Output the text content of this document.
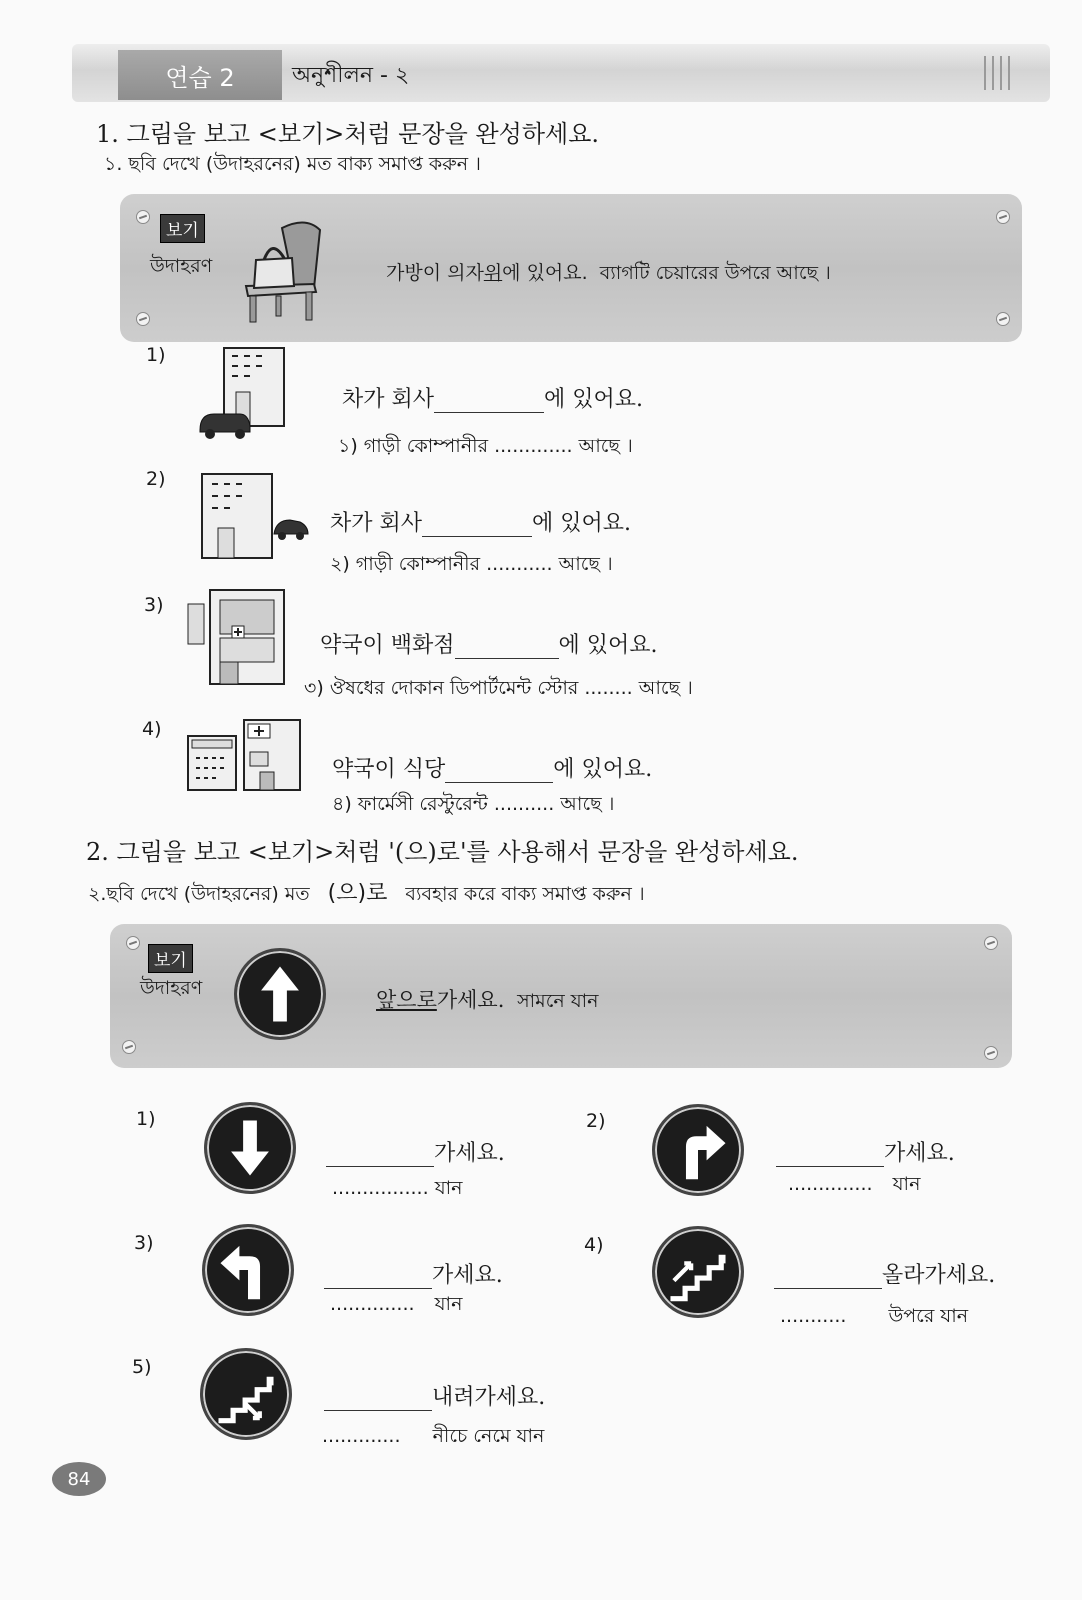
연습 2	অনুশীলন - ২
1. 그림을 보고 <보기>처럼 문장을 완성하세요.
১. ছবি দেখে (উদাহরনের) মত বাক্য সমাপ্ত করুন ।
보기
উদাহরণ	가방이 의자위에 있어요. ব্যাগটি চেয়ারের উপরে আছে ।
1)
차가 회사	에 있어요.
১) গাড়ী কোম্পানীর ............. আছে ।
2)
차가 회사	에 있어요.
২) গাড়ী কোম্পানীর ........... আছে ।
3)
약국이 백화점	에 있어요.
৩) ঔষধের দোকান ডিপার্টমেন্ট স্টোর ........ আছে ।
4)
약국이 식당	에 있어요.
৪) ফার্মেসী রেস্টুরেন্ট .......... আছে ।
2. 그림을 보고 <보기>처럼 '(으)로'를 사용해서 문장을 완성하세요.
২.ছবি দেখে (উদাহরনের) মত (으)로 ব্যবহার করে বাক্য সমাপ্ত করুন ।
보기
উদাহরণ	앞으로가세요. সামনে যান
1)
가세요.
................ যান
2)
가세요.
.............. যান
3)
가세요.
.............. যান
4)
올라가세요.
........... উপরে যান
5)
내려가세요.
............. নীচে নেমে যান
84
